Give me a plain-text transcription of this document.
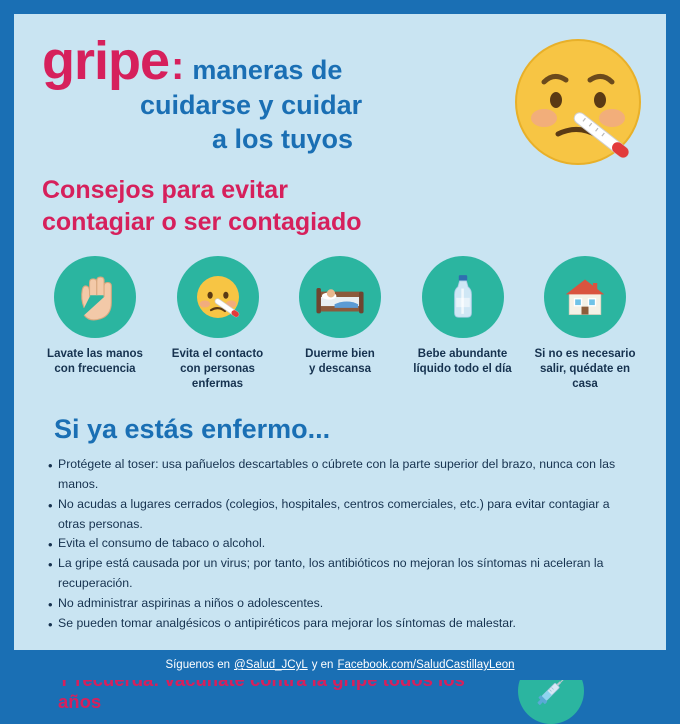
gripe : maneras de
cuidarse y cuidar
a los tuyos
Consejos para evitar
contagiar o ser contagiado
Lavate las manos
con frecuencia
Evita el contacto
con personas enfermas
Duerme bien
y descansa
Bebe abundante
líquido todo el día
Si no es necesario
salir, quédate en casa
Si ya estás enfermo...
• Protégete al toser: usa pañuelos descartables o cúbrete con la parte superior del brazo, nunca con las manos.
• No acudas a lugares cerrados (colegios, hospitales, centros comerciales, etc.) para evitar contagiar a otras personas.
• Evita el consumo de tabaco o alcohol.
• La gripe está causada por un virus; por tanto, los antibióticos no mejoran los síntomas ni aceleran la recuperación.
• No administrar aspirinas a niños o adolescentes.
• Se pueden tomar analgésicos o antipiréticos para mejorar los síntomas de malestar.
años
Síguenos en @Salud_JCyL y en Facebook.com/SaludCastillayLeon
